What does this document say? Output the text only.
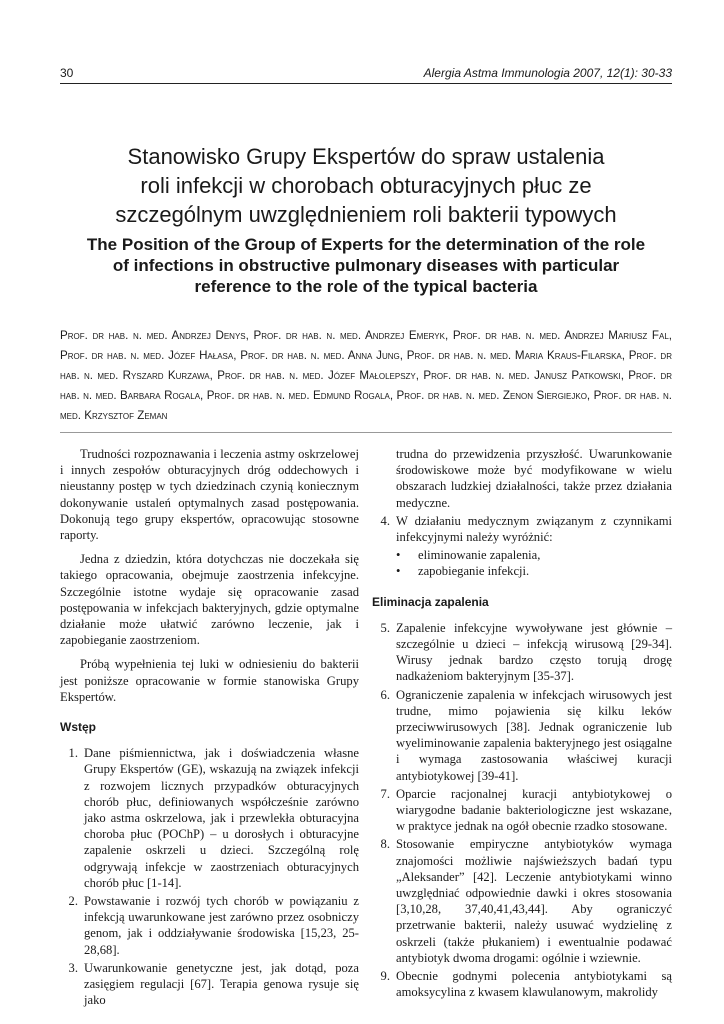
30	Alergia Astma Immunologia 2007, 12(1): 30-33
Stanowisko Grupy Ekspertów do spraw ustalenia
roli infekcji w chorobach obturacyjnych płuc ze
szczególnym uwzględnieniem roli bakterii typowych
The Position of the Group of Experts for the determination of the role
of infections in obstructive pulmonary diseases with particular
reference to the role of the typical bacteria
Prof. dr hab. n. med. Andrzej Denys, Prof. dr hab. n. med. Andrzej Emeryk, Prof. dr hab. n. med. Andrzej Mariusz Fal, Prof. dr hab. n. med. Józef Hałasa, Prof. dr hab. n. med. Anna Jung, Prof. dr hab. n. med. Maria Kraus-Filarska, Prof. dr hab. n. med. Ryszard Kurzawa, Prof. dr hab. n. med. Józef Małolepszy, Prof. dr hab. n. med. Janusz Patkowski, Prof. dr hab. n. med. Barbara Rogala, Prof. dr hab. n. med. Edmund Rogala, Prof. dr hab. n. med. Zenon Siergiejko, Prof. dr hab. n. med. Krzysztof Zeman

Trudności rozpoznawania i leczenia astmy oskrzelowej i innych zespołów obturacyjnych dróg oddechowych i nieustanny postęp w tych dziedzinach czynią koniecznym dokonywanie ustaleń optymalnych zasad postępowania. Dokonują tego grupy ekspertów, opracowując stosowne raporty.

Jedna z dziedzin, która dotychczas nie doczekała się takiego opracowania, obejmuje zaostrzenia infekcyjne. Szczególnie istotne wydaje się opracowanie zasad postępowania w infekcjach bakteryjnych, gdzie optymalne działanie może ułatwić zarówno leczenie, jak i zapobieganie zaostrzeniom.

Próbą wypełnienia tej luki w odniesieniu do bakterii jest poniższe opracowanie w formie stanowiska Grupy Ekspertów.

Wstęp
1. Dane piśmiennictwa, jak i doświadczenia własne Grupy Ekspertów (GE), wskazują na związek infekcji z rozwojem licznych przypadków obturacyjnych chorób płuc, definiowanych współcześnie zarówno jako astma oskrzelowa, jak i przewlekła obturacyjna choroba płuc (POChP) – u dorosłych i obturacyjne zapalenie oskrzeli u dzieci. Szczególną rolę odgrywają infekcje w zaostrzeniach obturacyjnych chorób płuc [1-14].
2. Powstawanie i rozwój tych chorób w powiązaniu z infekcją uwarunkowane jest zarówno przez osobniczy genom, jak i oddziaływanie środowiska [15,23, 25-28,68].
3. Uwarunkowanie genetyczne jest, jak dotąd, poza zasięgiem regulacji [67]. Terapia genowa rysuje się jako

trudna do przewidzenia przyszłość. Uwarunkowanie środowiskowe może być modyfikowane w wielu obszarach ludzkiej działalności, także przez działania medyczne.

4. W działaniu medycznym związanym z czynnikami infekcyjnymi należy wyróżnić:
• eliminowanie zapalenia,
• zapobieganie infekcji.
Eliminacja zapalenia
5. Zapalenie infekcyjne wywoływane jest głównie – szczególnie u dzieci – infekcją wirusową [29-34]. Wirusy jednak bardzo często torują drogę nadkażeniom bakteryjnym [35-37].
6. Ograniczenie zapalenia w infekcjach wirusowych jest trudne, mimo pojawienia się kilku leków przeciwwirusowych [38]. Jednak ograniczenie lub wyeliminowanie zapalenia bakteryjnego jest osiągalne i wymaga zastosowania właściwej kuracji antybiotykowej [39-41].
7. Oparcie racjonalnej kuracji antybiotykowej o wiarygodne badanie bakteriologiczne jest wskazane, w praktyce jednak na ogół obecnie rzadko stosowane.
8. Stosowanie empiryczne antybiotyków wymaga znajomości możliwie najświeższych badań typu „Aleksander” [42]. Leczenie antybiotykami winno uwzględniać odpowiednie dawki i okres stosowania [3,10,28, 37,40,41,43,44]. Aby ograniczyć przetrwanie bakterii, należy usuwać wydzielinę z oskrzeli (także płukaniem) i ewentualnie podawać antybiotyk dwoma drogami: ogólnie i wziewnie.
9. Obecnie godnymi polecenia antybiotykami są amoksycylina z kwasem klawulanowym, makrolidy
